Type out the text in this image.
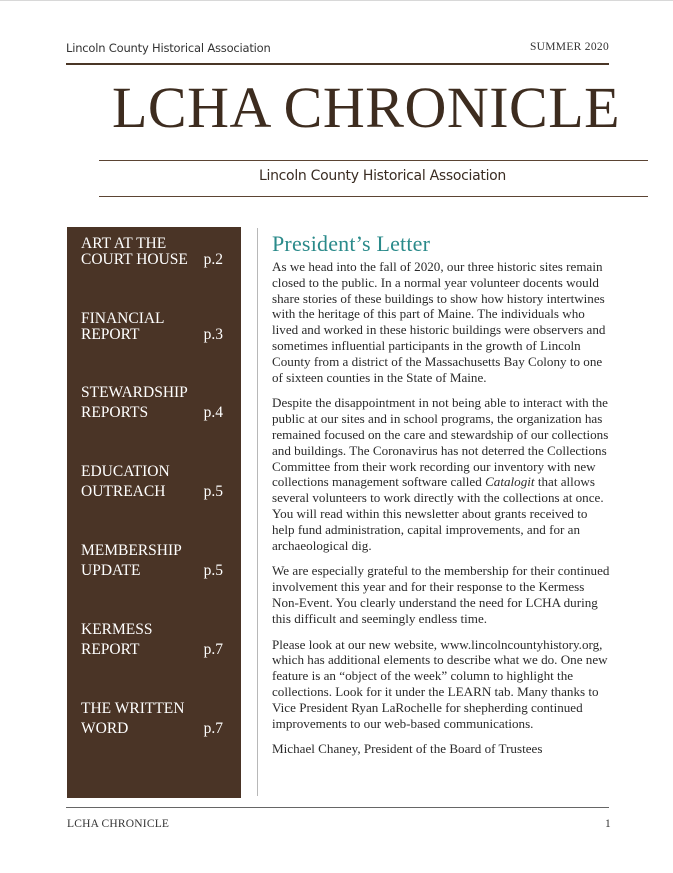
Lincoln County Historical Association	SUMMER 2020
LCHA CHRONICLE
Lincoln County Historical Association
ART AT THE
COURT HOUSE	p.2
FINANCIAL
REPORT	p.3
STEWARDSHIP
REPORTS	p.4
EDUCATION
OUTREACH	p.5
MEMBERSHIP
UPDATE	p.5
KERMESS
REPORT	p.7
THE WRITTEN
WORD	p.7
President’s Letter

As we head into the fall of 2020, our three historic sites remain closed to the public. In a normal year volunteer docents would share stories of these buildings to show how history intertwines with the heritage of this part of Maine. The individuals who lived and worked in these historic buildings were observers and sometimes influential participants in the growth of Lincoln County from a district of the Massachusetts Bay Colony to one of sixteen counties in the State of Maine.

Despite the disappointment in not being able to interact with the public at our sites and in school programs, the organization has remained focused on the care and stewardship of our collections and buildings. The Coronavirus has not deterred the Collections Committee from their work recording our inventory with new collections management software called Catalogit that allows several volunteers to work directly with the collections at once. You will read within this newsletter about grants received to help fund administration, capital improvements, and for an archaeological dig.

We are especially grateful to the membership for their continued involvement this year and for their response to the Kermess Non-Event. You clearly understand the need for LCHA during this difficult and seemingly endless time.

Please look at our new website, www.lincolncountyhistory.org, which has additional elements to describe what we do. One new feature is an “object of the week” column to highlight the collections. Look for it under the LEARN tab. Many thanks to Vice President Ryan LaRochelle for shepherding continued improvements to our web-based communications.

Michael Chaney, President of the Board of Trustees

LCHA CHRONICLE	1
